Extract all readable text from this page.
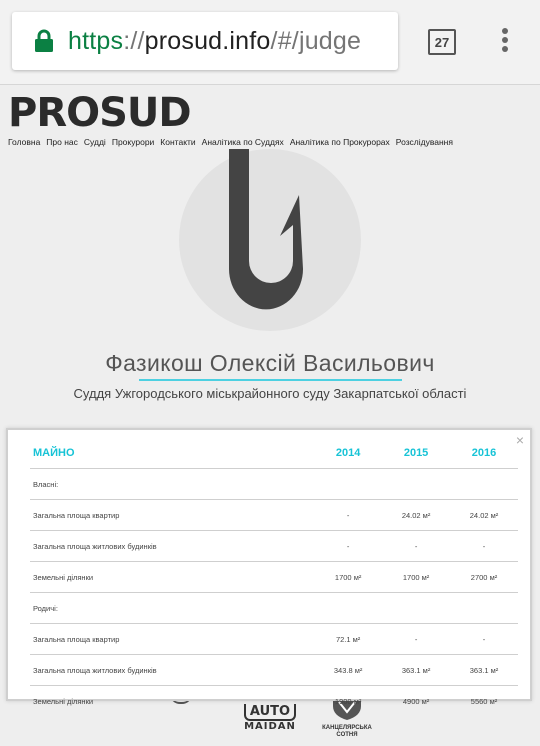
https://prosud.info/#/judge	27
PROSUD
Головна Про нас Судді Прокурори Контакти Аналітика по Суддях Аналітика по Прокурорах Розслідування
Фазикош Олексій Васильович
Суддя Ужгородського міськрайонного суду Закарпатської області
AUTO
MAIDAN	КАНЦЕЛЯРСЬКА
СОТНЯ
×
МАЙНО	2014	2015	2016
Власні:			
Загальна площа квартир	-	24.02 м²	24.02 м²
Загальна площа житлових будинків	-	-	-
Земельні ділянки	1700 м²	1700 м²	2700 м²
Родичі:			
Загальна площа квартир	72.1 м²	-	-
Загальна площа житлових будинків	343.8 м²	363.1 м²	363.1 м²
Земельні ділянки	1900 м²	4900 м²	5560 м²
